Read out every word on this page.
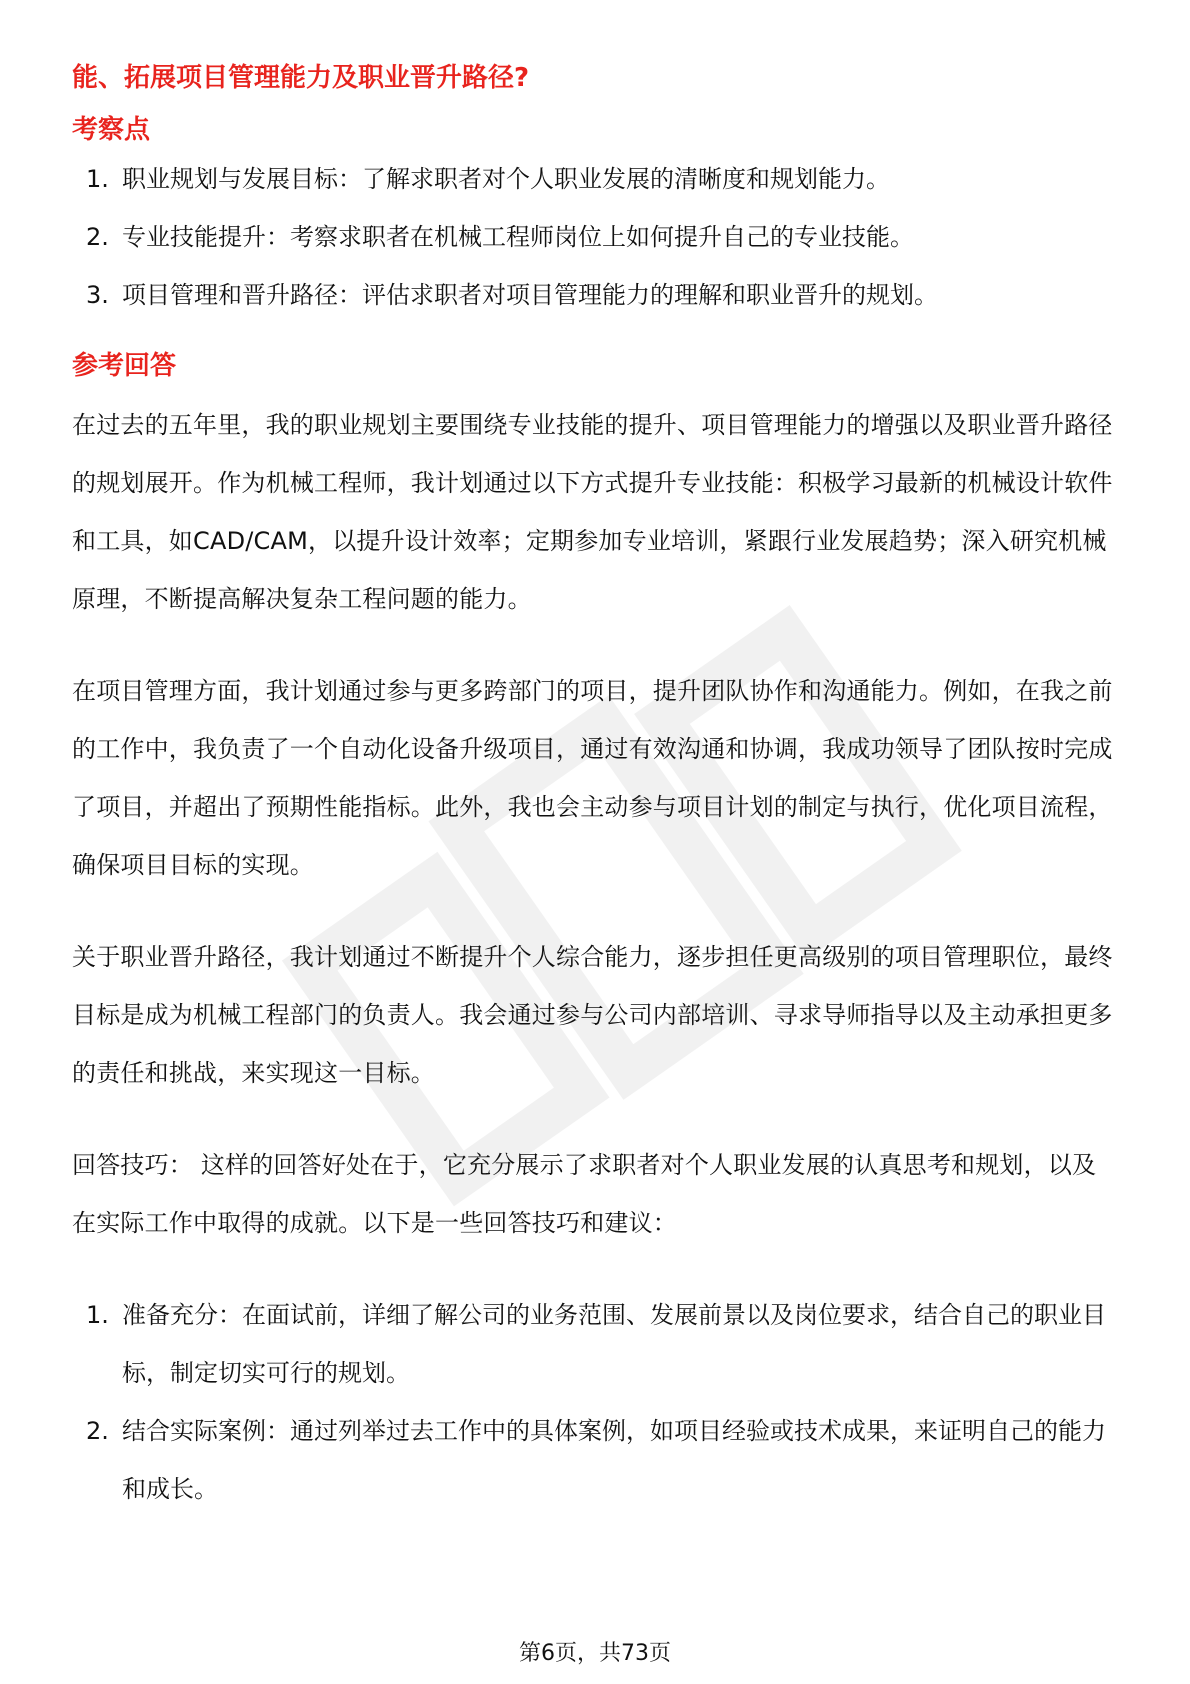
能、拓展项目管理能力及职业晋升路径?
考察点
1. 职业规划与发展目标：了解求职者对个人职业发展的清晰度和规划能力。
2. 专业技能提升：考察求职者在机械工程师岗位上如何提升自己的专业技能。
3. 项目管理和晋升路径：评估求职者对项目管理能力的理解和职业晋升的规划。
参考回答

在过去的五年里，我的职业规划主要围绕专业技能的提升、项目管理能力的增强以及职业晋升路径的规划展开。作为机械工程师，我计划通过以下方式提升专业技能：积极学习最新的机械设计软件和工具，如CAD/CAM，以提升设计效率；定期参加专业培训，紧跟行业发展趋势；深入研究机械原理，不断提高解决复杂工程问题的能力。

在项目管理方面，我计划通过参与更多跨部门的项目，提升团队协作和沟通能力。例如，在我之前的工作中，我负责了一个自动化设备升级项目，通过有效沟通和协调，我成功领导了团队按时完成了项目，并超出了预期性能指标。此外，我也会主动参与项目计划的制定与执行，优化项目流程，确保项目目标的实现。

关于职业晋升路径，我计划通过不断提升个人综合能力，逐步担任更高级别的项目管理职位，最终目标是成为机械工程部门的负责人。我会通过参与公司内部培训、寻求导师指导以及主动承担更多的责任和挑战，来实现这一目标。

回答技巧： 这样的回答好处在于，它充分展示了求职者对个人职业发展的认真思考和规划，以及在实际工作中取得的成就。以下是一些回答技巧和建议：

1. 准备充分：在面试前，详细了解公司的业务范围、发展前景以及岗位要求，结合自己的职业目标，制定切实可行的规划。
2. 结合实际案例：通过列举过去工作中的具体案例，如项目经验或技术成果，来证明自己的能力和成长。
第6页，共73页
